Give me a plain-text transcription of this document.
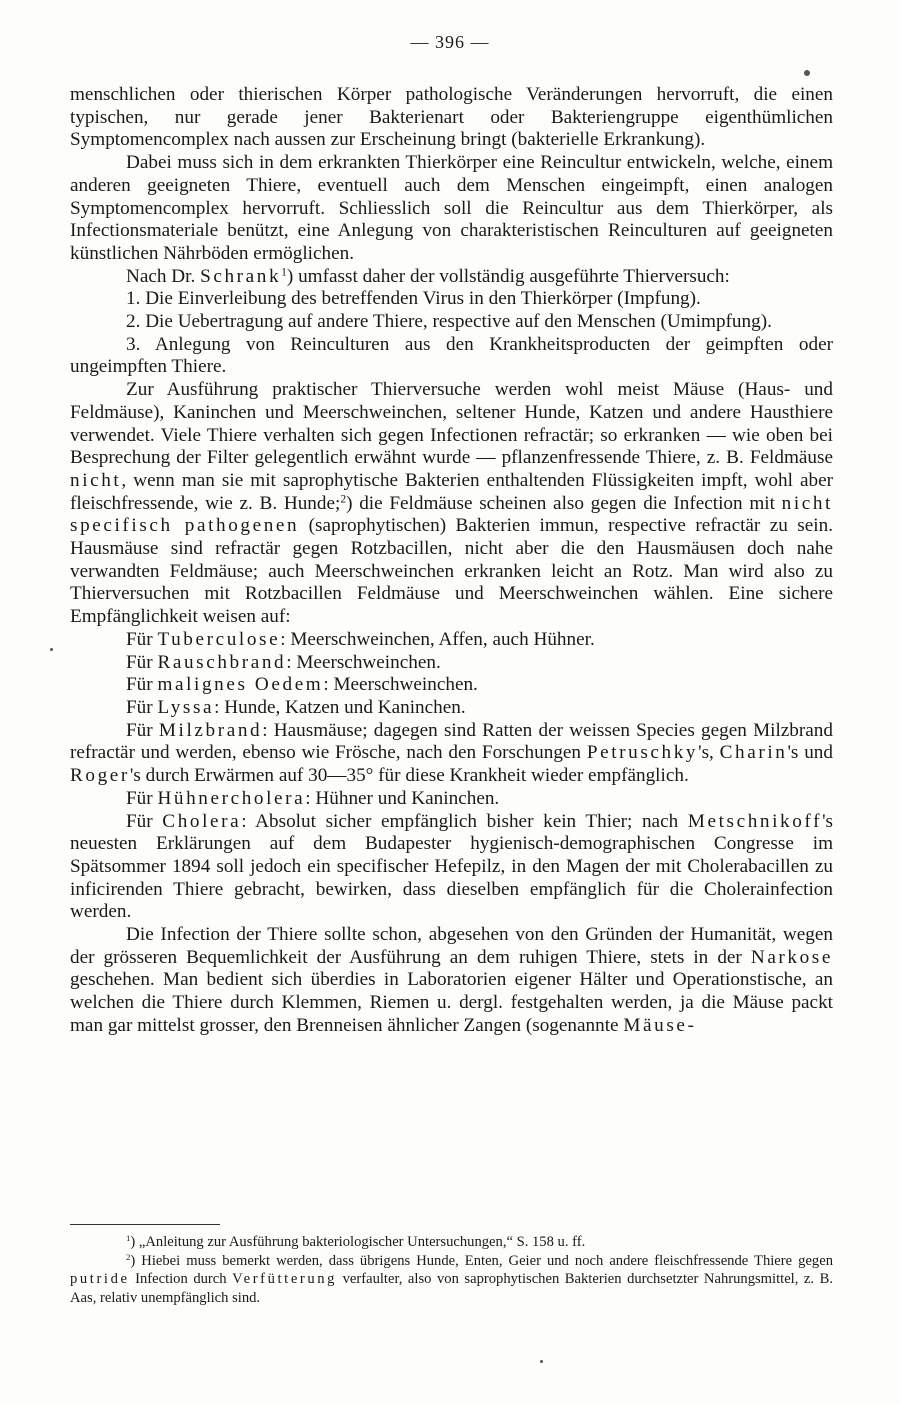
— 396 —

menschlichen oder thierischen Körper pathologische Veränderungen hervorruft, die einen typischen, nur gerade jener Bakterienart oder Bakteriengruppe eigenthümlichen Symptomencomplex nach aussen zur Erscheinung bringt (bakterielle Erkrankung).

Dabei muss sich in dem erkrankten Thierkörper eine Reincultur entwickeln, welche, einem anderen geeigneten Thiere, eventuell auch dem Menschen eingeimpft, einen analogen Symptomencomplex hervorruft. Schliesslich soll die Reincultur aus dem Thierkörper, als Infectionsmateriale benützt, eine Anlegung von charakteristischen Reinculturen auf geeigneten künstlichen Nährböden ermöglichen.

Nach Dr. Schrank$^1$) umfasst daher der vollständig ausgeführte Thierversuch:

1. Die Einverleibung des betreffenden Virus in den Thierkörper (Impfung).

2. Die Uebertragung auf andere Thiere, respective auf den Menschen (Umimpfung).

3. Anlegung von Reinculturen aus den Krankheitsproducten der geimpften oder ungeimpften Thiere.

Zur Ausführung praktischer Thierversuche werden wohl meist Mäuse (Haus- und Feldmäuse), Kaninchen und Meerschweinchen, seltener Hunde, Katzen und andere Hausthiere verwendet. Viele Thiere verhalten sich gegen Infectionen refractär; so erkranken — wie oben bei Besprechung der Filter gelegentlich erwähnt wurde — pflanzenfressende Thiere, z. B. Feldmäuse nicht, wenn man sie mit saprophytische Bakterien enthaltenden Flüssigkeiten impft, wohl aber fleischfressende, wie z. B. Hunde;$^2$) die Feldmäuse scheinen also gegen die Infection mit nicht specifisch pathogenen (saprophytischen) Bakterien immun, respective refractär zu sein. Hausmäuse sind refractär gegen Rotzbacillen, nicht aber die den Hausmäusen doch nahe verwandten Feldmäuse; auch Meerschweinchen erkranken leicht an Rotz. Man wird also zu Thierversuchen mit Rotzbacillen Feldmäuse und Meerschweinchen wählen. Eine sichere Empfänglichkeit weisen auf:

Für Tuberculose: Meerschweinchen, Affen, auch Hühner.

Für Rauschbrand: Meerschweinchen.

Für malignes Oedem: Meerschweinchen.

Für Lyssa: Hunde, Katzen und Kaninchen.

Für Milzbrand: Hausmäuse; dagegen sind Ratten der weissen Species gegen Milzbrand refractär und werden, ebenso wie Frösche, nach den Forschungen Petruschky's, Charin's und Roger's durch Erwärmen auf 30—35° für diese Krankheit wieder empfänglich.

Für Hühnercholera: Hühner und Kaninchen.

Für Cholera: Absolut sicher empfänglich bisher kein Thier; nach Metschnikoff's neuesten Erklärungen auf dem Budapester hygienisch-demographischen Congresse im Spätsommer 1894 soll jedoch ein specifischer Hefepilz, in den Magen der mit Cholerabacillen zu inficirenden Thiere gebracht, bewirken, dass dieselben empfänglich für die Cholerainfection werden.

Die Infection der Thiere sollte schon, abgesehen von den Gründen der Humanität, wegen der grösseren Bequemlichkeit der Ausführung an dem ruhigen Thiere, stets in der Narkose geschehen. Man bedient sich überdies in Laboratorien eigener Hälter und Operationstische, an welchen die Thiere durch Klemmen, Riemen u. dergl. festgehalten werden, ja die Mäuse packt man gar mittelst grosser, den Brenneisen ähnlicher Zangen (sogenannte Mäuse-

$^1$) „Anleitung zur Ausführung bakteriologischer Untersuchungen,“ S. 158 u. ff.

$^2$) Hiebei muss bemerkt werden, dass übrigens Hunde, Enten, Geier und noch andere fleischfressende Thiere gegen putride Infection durch Verfütterung verfaulter, also von saprophytischen Bakterien durchsetzter Nahrungsmittel, z. B. Aas, relativ unempfänglich sind.
